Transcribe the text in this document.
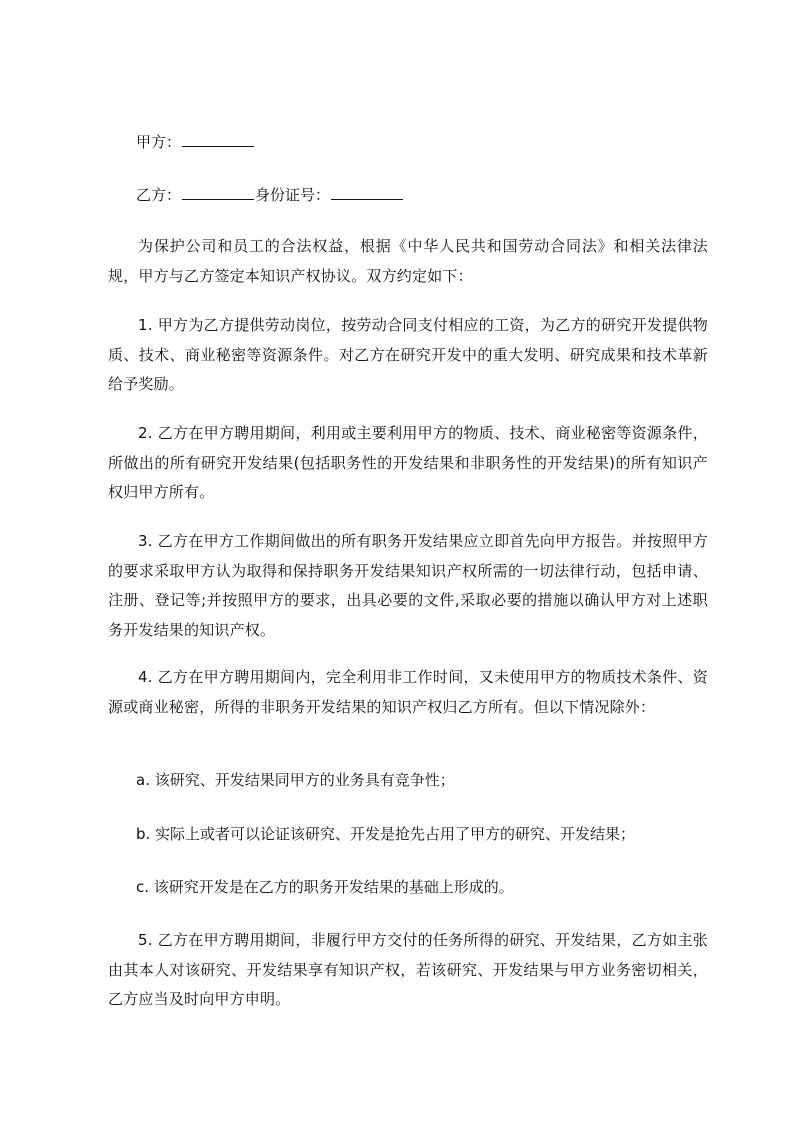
甲方：
乙方：	身份证号：

为保护公司和员工的合法权益，根据《中华人民共和国劳动合同法》和相关法律法规，甲方与乙方签定本知识产权协议。双方约定如下：

1. 甲方为乙方提供劳动岗位，按劳动合同支付相应的工资，为乙方的研究开发提供物质、技术、商业秘密等资源条件。对乙方在研究开发中的重大发明、研究成果和技术革新给予奖励。

2. 乙方在甲方聘用期间，利用或主要利用甲方的物质、技术、商业秘密等资源条件，所做出的所有研究开发结果(包括职务性的开发结果和非职务性的开发结果)的所有知识产权归甲方所有。

3. 乙方在甲方工作期间做出的所有职务开发结果应立即首先向甲方报告。并按照甲方的要求采取甲方认为取得和保持职务开发结果知识产权所需的一切法律行动，包括申请、注册、登记等;并按照甲方的要求，出具必要的文件,采取必要的措施以确认甲方对上述职务开发结果的知识产权。

4. 乙方在甲方聘用期间内，完全利用非工作时间，又未使用甲方的物质技术条件、资源或商业秘密，所得的非职务开发结果的知识产权归乙方所有。但以下情况除外：

a. 该研究、开发结果同甲方的业务具有竞争性；
b. 实际上或者可以论证该研究、开发是抢先占用了甲方的研究、开发结果；
c. 该研究开发是在乙方的职务开发结果的基础上形成的。

5. 乙方在甲方聘用期间，非履行甲方交付的任务所得的研究、开发结果，乙方如主张由其本人对该研究、开发结果享有知识产权，若该研究、开发结果与甲方业务密切相关，乙方应当及时向甲方申明。
